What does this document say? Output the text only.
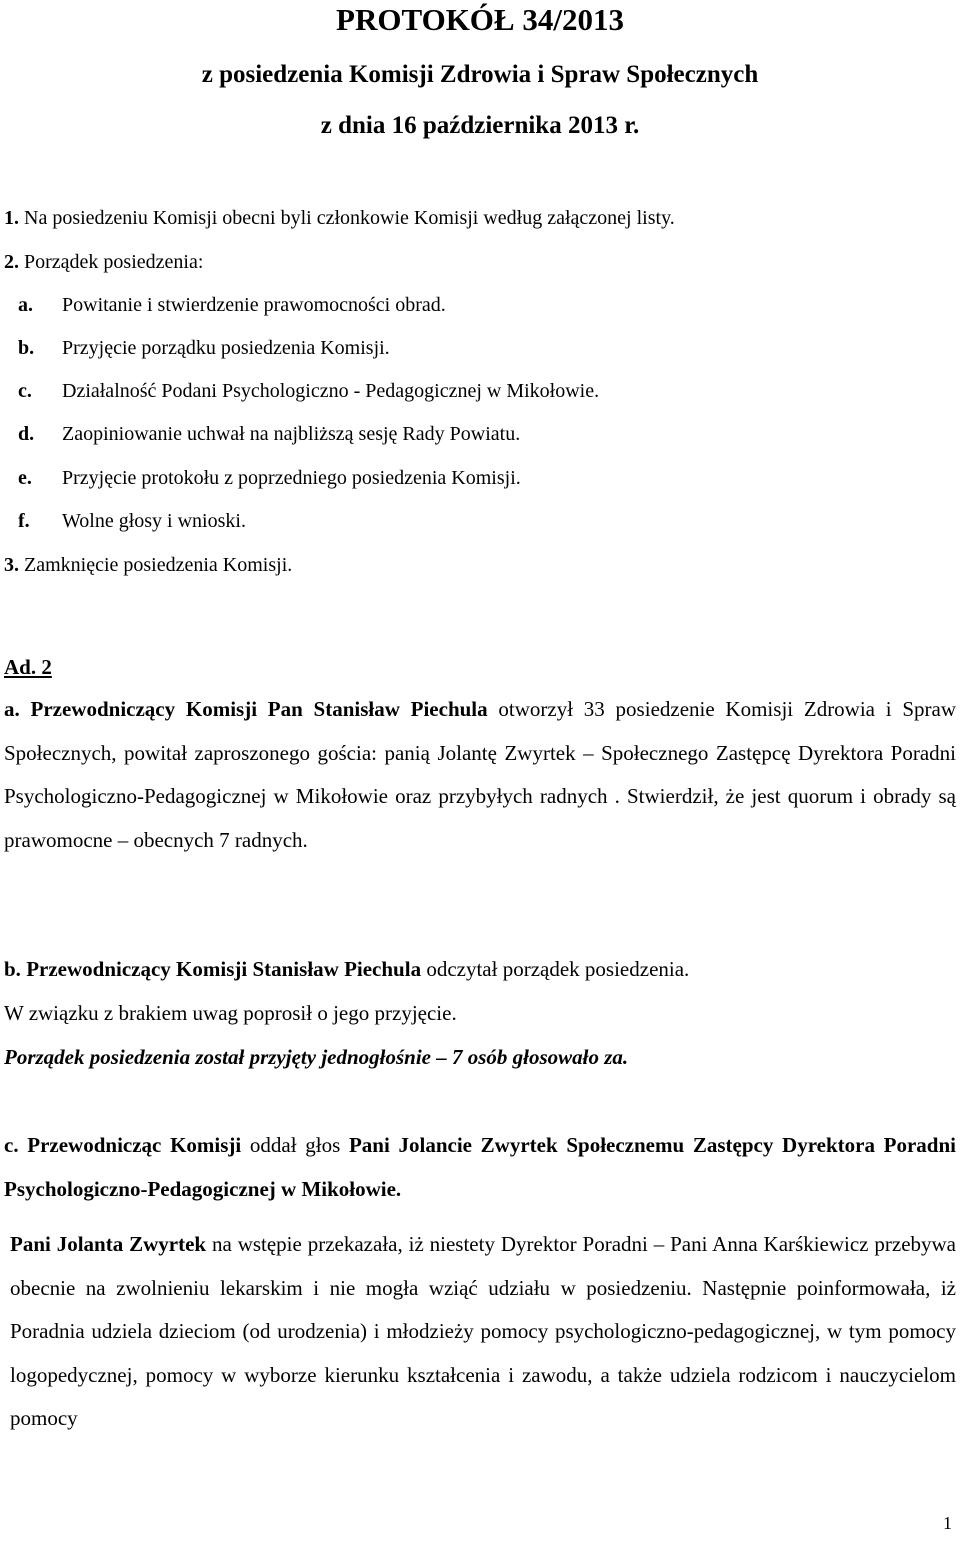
PROTOKÓŁ 34/2013
z posiedzenia Komisji Zdrowia i Spraw Społecznych
z dnia 16 października 2013 r.
1. Na posiedzeniu Komisji obecni byli członkowie Komisji według załączonej listy.
2. Porządek posiedzenia:
a. Powitanie i stwierdzenie prawomocności obrad.
b. Przyjęcie porządku posiedzenia Komisji.
c. Działalność Podani Psychologiczno - Pedagogicznej w Mikołowie.
d. Zaopiniowanie uchwał na najbliższą sesję Rady Powiatu.
e. Przyjęcie protokołu z poprzedniego posiedzenia Komisji.
f. Wolne głosy i wnioski.
3. Zamknięcie posiedzenia Komisji.
Ad. 2
a. Przewodniczący Komisji Pan Stanisław Piechula otworzył 33 posiedzenie Komisji Zdrowia i Spraw Społecznych, powitał zaproszonego gościa: panią Jolantę Zwyrtek – Społecznego Zastępcę Dyrektora Poradni Psychologiczno-Pedagogicznej w Mikołowie oraz przybyłych radnych . Stwierdził, że jest quorum i obrady są prawomocne – obecnych 7 radnych.
b. Przewodniczący Komisji Stanisław Piechula odczytał porządek posiedzenia.
W związku z brakiem uwag poprosił o jego przyjęcie.
Porządek posiedzenia został przyjęty jednogłośnie – 7 osób głosowało za.
c. Przewodnicząc Komisji oddał głos Pani Jolancie Zwyrtek Społecznemu Zastępcy Dyrektora Poradni Psychologiczno-Pedagogicznej w Mikołowie.
Pani Jolanta Zwyrtek na wstępie przekazała, iż niestety Dyrektor Poradni – Pani Anna Karśkiewicz przebywa obecnie na zwolnieniu lekarskim i nie mogła wziąć udziału w posiedzeniu. Następnie poinformowała, iż Poradnia udziela dzieciom (od urodzenia) i młodzieży pomocy psychologiczno-pedagogicznej, w tym pomocy logopedycznej, pomocy w wyborze kierunku kształcenia i zawodu, a także udziela rodzicom i nauczycielom pomocy
1
